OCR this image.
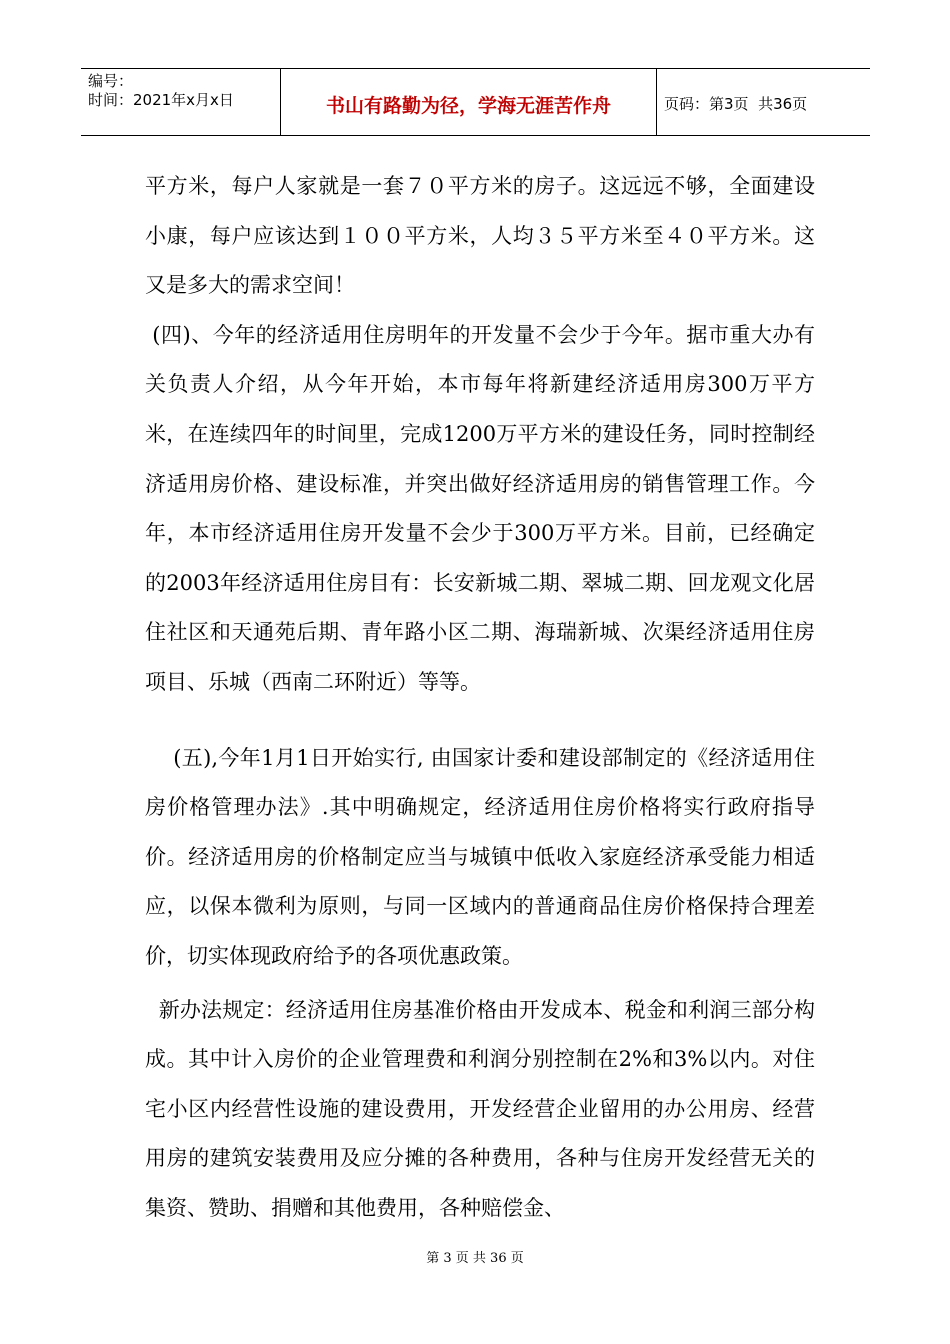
编号：
时间：2021年x月x日	书山有路勤为径，学海无涯苦作舟	页码：第3页  共36页

平方米，每户人家就是一套７０平方米的房子。这远远不够，全面建设小康，每户应该达到１００平方米，人均３５平方米至４０平方米。这又是多大的需求空间！

(四)、今年的经济适用住房明年的开发量不会少于今年。据市重大办有关负责人介绍，从今年开始，本市每年将新建经济适用房300万平方米，在连续四年的时间里，完成1200万平方米的建设任务，同时控制经济适用房价格、建设标准，并突出做好经济适用房的销售管理工作。今年，本市经济适用住房开发量不会少于300万平方米。目前，已经确定的2003年经济适用住房目有：长安新城二期、翠城二期、回龙观文化居住社区和天通苑后期、青年路小区二期、海瑞新城、次渠经济适用住房项目、乐城（西南二环附近）等等。

(五),今年1月1日开始实行, 由国家计委和建设部制定的《经济适用住房价格管理办法》.其中明确规定，经济适用住房价格将实行政府指导价。经济适用房的价格制定应当与城镇中低收入家庭经济承受能力相适应，以保本微利为原则，与同一区域内的普通商品住房价格保持合理差价，切实体现政府给予的各项优惠政策。

新办法规定：经济适用住房基准价格由开发成本、税金和利润三部分构成。其中计入房价的企业管理费和利润分别控制在2%和3%以内。对住宅小区内经营性设施的建设费用，开发经营企业留用的办公用房、经营用房的建筑安装费用及应分摊的各种费用，各种与住房开发经营无关的集资、赞助、捐赠和其他费用，各种赔偿金、

第 3 页 共 36 页
